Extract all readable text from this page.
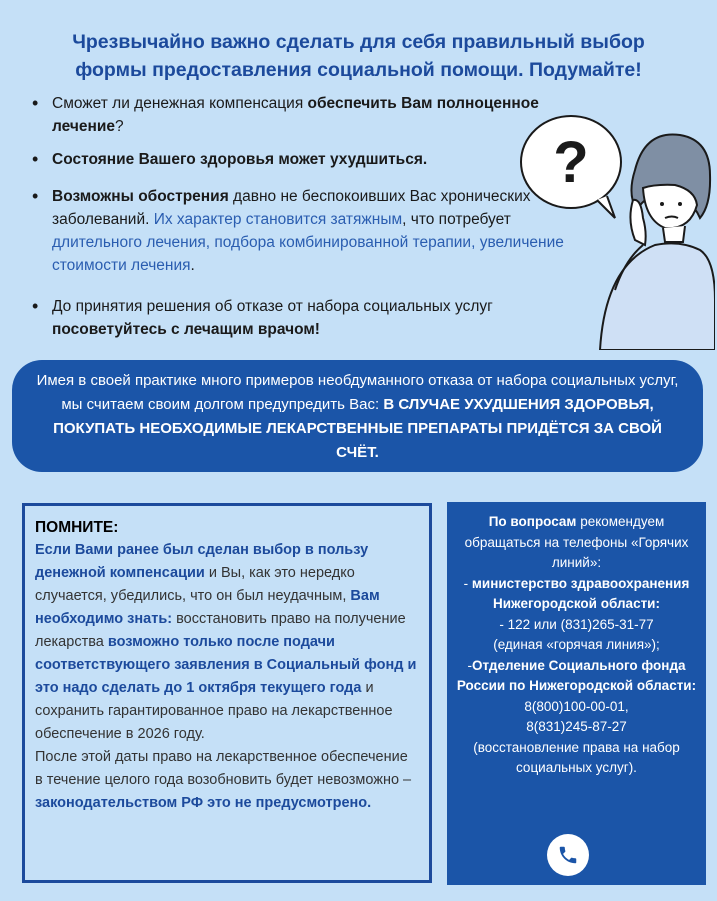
Чрезвычайно важно сделать для себя правильный выбор
формы предоставления социальной помощи. Подумайте!
• Сможет ли денежная компенсация обеспечить Вам полноценное лечение?
• Состояние Вашего здоровья может ухудшиться.
• Возможны обострения давно не беспокоивших Вас хронических заболеваний. Их характер становится затяжным, что потребует длительного лечения, подбора комбинированной терапии, увеличение стоимости лечения.
• До принятия решения об отказе от набора социальных услуг посоветуйтесь с лечащим врачом!
?
Имея в своей практике много примеров необдуманного отказа от набора социальных услуг, мы считаем своим долгом предупредить Вас: В СЛУЧАЕ УХУДШЕНИЯ ЗДОРОВЬЯ, ПОКУПАТЬ НЕОБХОДИМЫЕ ЛЕКАРСТВЕННЫЕ ПРЕПАРАТЫ ПРИДЁТСЯ ЗА СВОЙ СЧЁТ.
ПОМНИТЕ:
Если Вами ранее был сделан выбор в пользу денежной компенсации и Вы, как это нередко случается, убедились, что он был неудачным, Вам необходимо знать: восстановить право на получение лекарства возможно только после подачи соответствующего заявления в Социальный фонд и это надо сделать до 1 октября текущего года и сохранить гарантированное право на лекарственное обеспечение в 2026 году.
После этой даты право на лекарственное обеспечение в течение целого года возобновить будет невозможно – законодательством РФ это не предусмотрено.
По вопросам рекомендуем обращаться на телефоны «Горячих линий»:
- министерство здравоохранения Нижегородской области:
- 122 или (831)265-31-77
(единая «горячая линия»);
-Отделение Социального фонда России по Нижегородской области:
8(800)100-00-01,
8(831)245-87-27
(восстановление права на набор социальных услуг).
